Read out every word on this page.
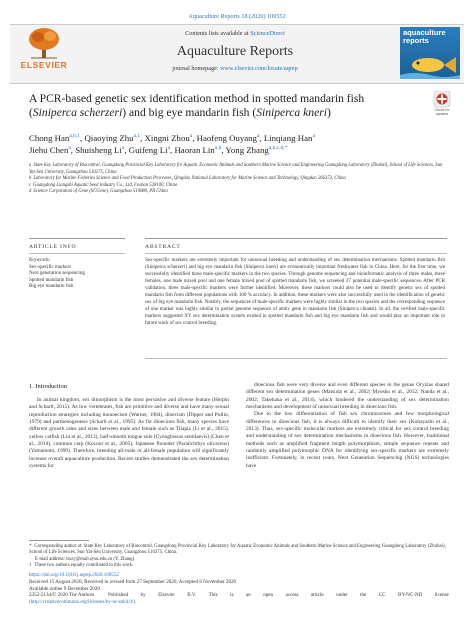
Aquaculture Reports 18 (2020) 100552
ELSEVIER
Contents lists available at ScienceDirect
Aquaculture Reports
journal homepage: www.elsevier.com/locate/aqrep
aquaculture reports
A PCR-based genetic sex identification method in spotted mandarin fish (Siniperca scherzeri) and big eye mandarin fish (Siniperca kneri)	Check for updates
Chong Han$^{a,b,1}$, Qiaoying Zhu$^{a,1}$, Xingni Zhou$^a$, Haofeng Ouyang$^a$, Linqiang Han$^a$
Jiehu Chen$^a$, Shuisheng Li$^a$, Guifeng Li$^a$, Haoran Lin$^{a,b}$, Yong Zhang$^{a,b,c,d,*}$
a State Key Laboratory of Biocontrol, Guangdong Provincial Key Laboratory for Aquatic Economic Animals and Southern Marine Science and Engineering Guangdong Laboratory (Zhuhai), School of Life Sciences, Sun Yat-Sen University, Guangzhou 510275, China
b Laboratory for Marine Fisheries Science and Food Production Processes, Qingdao National Laboratory for Marine Science and Technology, Qingdao 266373, China
c Guangdong Liangshi Aquatic Seed Industry Co., Ltd, Foshan 528100, China
d Science Corporation of Gene (SCGene), Guangzhou 510080, PR China
ARTICLE INFO	ABSTRACT
Keywords:
Sex-specific markers
Next generation sequencing
Spotted mandarin fish
Big eye mandarin fish
Sex-specific markers are extremely important for unisexual breeding and understanding of sex determination mechanisms. Spotted mandarin fish (Siniperca scherzeri) and big eye mandarin fish (Siniperca kneri) are economically important freshwater fish in China. Here, for the first time, we successfully identified three male-specific markers in the two species. Through genome sequencing and bioinformatic analysis of three males, three females, one male mixed pool and one female mixed pool of spotted mandarin fish, we screened 27 potential male-specific sequences. After PCR validation, three male-specific markers were further identified. Moreover, these markers could also be used to identify genetic sex of spotted mandarin fish from different populations with 100 % accuracy. In addition, these markers were also successfully used in the identification of genetic sex of big eye mandarin fish. Notably, the sequences of male-specific markers were highly similar in the two species and the corresponding sequence of one marker was highly similar to partial genome sequence of amhy gene in mandarin fish (Siniperca chuatsi). In all, the verified male-specific markers suggested XY sex determination system existed in spotted mandarin fish and big eye mandarin fish and would play an important role in future work of sex control breeding.
1. Introduction
In animal kingdom, sex dimorphism is the most pervasive and diverse feature (Herpin and Schartl, 2015). As low vertebrates, fish are primitive and diverse and have many sexual reproduction strategies including monoecism (Warner, 1984), dioecism (Dipper and Pullin, 1979) and parthenogenesis (Schartl et al., 1995). As for dioecious fish, many species have different growth rates and sizes between male and female such as Tilapia (Li et al., 2015), yellow catfish (Liu et al., 2013), half-smooth tongue sole (Cynoglossus semilaevis) (Chen et al., 2014), common carp (Kocour et al., 2005), Japanese flounder (Paralichthys olivaceus) (Yamamoto, 1999). Therefore, breeding all-male or all-female population will significantly increase overall aquaculture production. Recent studies demonstrated the sex determination systems for
dioecious fish were very diverse and even different species in the genus Oryzias shared different sex determination genes (Matsuda et al., 2002; Myosho et al., 2012; Nanda et al., 2002; Takehana et al., 2014), which hindered the understanding of sex determination mechanisms and development of unisexual breeding in dioecious fish.
Due to the low differentiation of fish sex chromosomes and few morphological differences in dioecious fish, it is always difficult to identify their sex (Kobayashi et al., 2013). Thus, sex-specific molecular markers are extremely critical for sex control breeding and understanding of sex determination mechanisms in dioecious fish. However, traditional methods such as amplified fragment length polymorphism, simple sequence repeats and randomly amplified polymorphic DNA for identifying sex-specific markers are extremely inefficient. Fortunately, in recent years, Next Generation Sequencing (NGS) technologies have
* Corresponding author at: State Key Laboratory of Biocontrol, Guangdong Provincial Key Laboratory for Aquatic Economic Animals and Southern Marine Science and Engineering Guangdong Laboratory (Zhuhai), School of Life Sciences, Sun Yat-Sen University, Guangzhou 510275, China.
E-mail address: lsszy@mail.sysu.edu.cn (Y. Zhang).
1 These two authors equally contributed to this work.
https://doi.org/10.1016/j.aqrep.2020.100552
Received 15 August 2020; Received in revised form 27 September 2020; Accepted 6 November 2020
Available online 9 December 2020
2352-5134/© 2020 The Authors. Published by Elsevier B.V. This is an open access article under the CC BY-NC-ND license
(http://creativecommons.org/licenses/by-nc-nd/4.0/).
